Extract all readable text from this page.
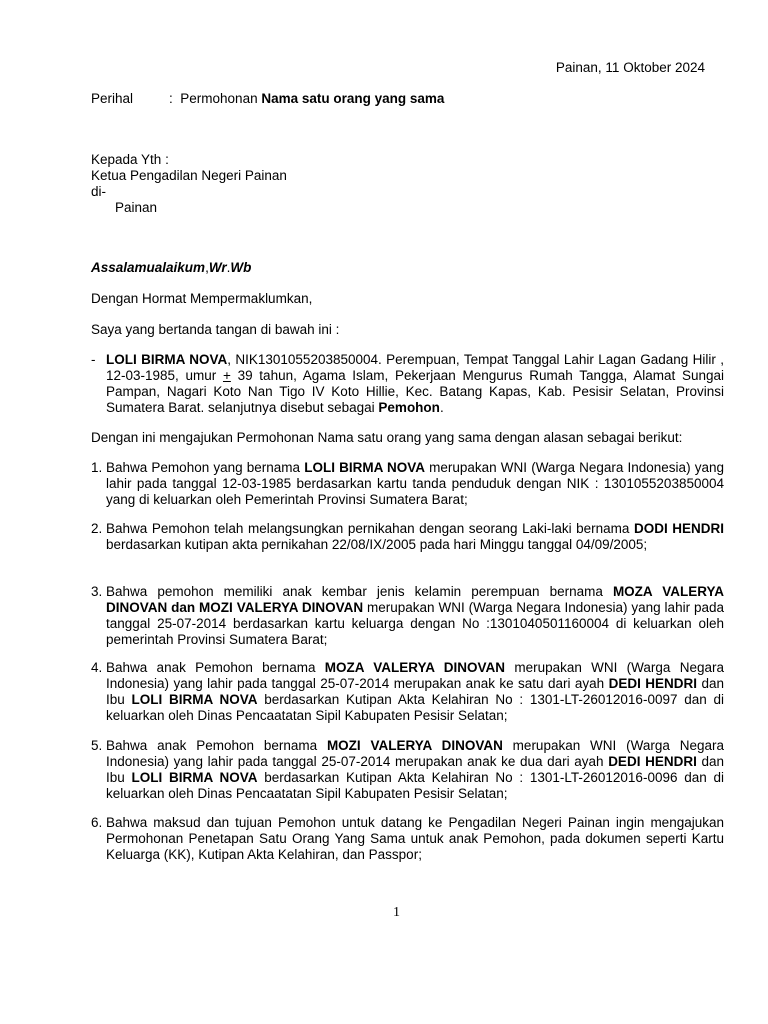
Painan, 11 Oktober 2024
Perihal	: Permohonan Nama satu orang yang sama
Kepada Yth :
Ketua Pengadilan Negeri Painan
di-
Painan
Assalamualaikum,Wr.Wb
Dengan Hormat Mempermaklumkan,
Saya yang bertanda tangan di bawah ini :
- LOLI BIRMA NOVA, NIK1301055203850004. Perempuan, Tempat Tanggal Lahir Lagan Gadang Hilir , 12-03-1985, umur + 39 tahun, Agama Islam, Pekerjaan Mengurus Rumah Tangga, Alamat Sungai Pampan, Nagari Koto Nan Tigo IV Koto Hillie, Kec. Batang Kapas, Kab. Pesisir Selatan, Provinsi Sumatera Barat. selanjutnya disebut sebagai Pemohon.
Dengan ini mengajukan Permohonan Nama satu orang yang sama dengan alasan sebagai berikut:
1. Bahwa Pemohon yang bernama LOLI BIRMA NOVA merupakan WNI (Warga Negara Indonesia) yang lahir pada tanggal 12-03-1985 berdasarkan kartu tanda penduduk dengan NIK : 1301055203850004 yang di keluarkan oleh Pemerintah Provinsi Sumatera Barat;
2. Bahwa Pemohon telah melangsungkan pernikahan dengan seorang Laki-laki bernama DODI HENDRI berdasarkan kutipan akta pernikahan 22/08/IX/2005 pada hari Minggu tanggal 04/09/2005;
3. Bahwa pemohon memiliki anak kembar jenis kelamin perempuan bernama MOZA VALERYA DINOVAN dan MOZI VALERYA DINOVAN merupakan WNI (Warga Negara Indonesia) yang lahir pada tanggal 25-07-2014 berdasarkan kartu keluarga dengan No :1301040501160004 di keluarkan oleh pemerintah Provinsi Sumatera Barat;
4. Bahwa anak Pemohon bernama MOZA VALERYA DINOVAN merupakan WNI (Warga Negara Indonesia) yang lahir pada tanggal 25-07-2014 merupakan anak ke satu dari ayah DEDI HENDRI dan Ibu LOLI BIRMA NOVA berdasarkan Kutipan Akta Kelahiran No : 1301-LT-26012016-0097 dan di keluarkan oleh Dinas Pencaatatan Sipil Kabupaten Pesisir Selatan;
5. Bahwa anak Pemohon bernama MOZI VALERYA DINOVAN merupakan WNI (Warga Negara Indonesia) yang lahir pada tanggal 25-07-2014 merupakan anak ke dua dari ayah DEDI HENDRI dan Ibu LOLI BIRMA NOVA berdasarkan Kutipan Akta Kelahiran No : 1301-LT-26012016-0096 dan di keluarkan oleh Dinas Pencaatatan Sipil Kabupaten Pesisir Selatan;
6. Bahwa maksud dan tujuan Pemohon untuk datang ke Pengadilan Negeri Painan ingin mengajukan Permohonan Penetapan Satu Orang Yang Sama untuk anak Pemohon, pada dokumen seperti Kartu Keluarga (KK), Kutipan Akta Kelahiran, dan Passpor;
1
